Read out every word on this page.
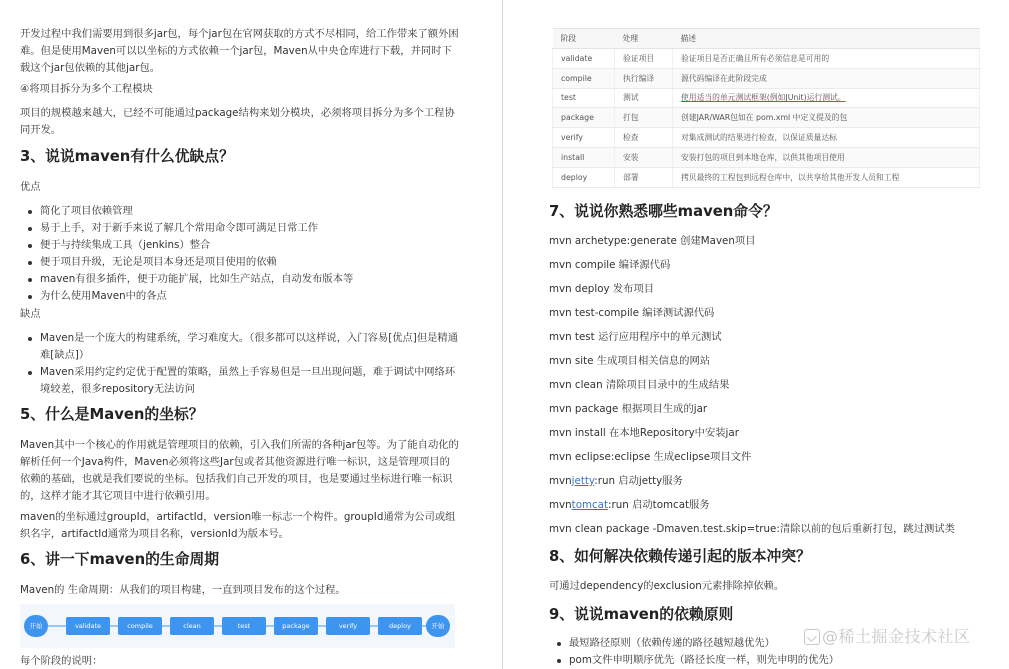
开发过程中我们需要用到很多jar包，每个jar包在官网获取的方式不尽相同，给工作带来了额外困难。但是使用Maven可以以坐标的方式依赖一个jar包，Maven从中央仓库进行下载，并同时下载这个jar包依赖的其他jar包。
④将项目拆分为多个工程模块
项目的规模越来越大，已经不可能通过package结构来划分模块，必须将项目拆分为多个工程协同开发。
3、说说maven有什么优缺点？
优点
简化了项目依赖管理
易于上手，对于新手来说了解几个常用命令即可满足日常工作
便于与持续集成工具（jenkins）整合
便于项目升级，无论是项目本身还是项目使用的依赖
maven有很多插件，便于功能扩展，比如生产站点，自动发布版本等
为什么使用Maven中的各点
缺点
Maven是一个庞大的构建系统，学习难度大。（很多都可以这样说，入门容易[优点]但是精通难[缺点]）
Maven采用约定约定优于配置的策略，虽然上手容易但是一旦出现问题，难于调试中网络环境较差，很多repository无法访问
5、什么是Maven的坐标？
Maven其中一个核心的作用就是管理项目的依赖，引入我们所需的各种jar包等。为了能自动化的解析任何一个Java构件，Maven必须将这些Jar包或者其他资源进行唯一标识，这是管理项目的依赖的基础，也就是我们要说的坐标。包括我们自己开发的项目，也是要通过坐标进行唯一标识的，这样才能才其它项目中进行依赖引用。
maven的坐标通过groupId，artifactId，version唯一标志一个构件。groupId通常为公司或组织名字，artifactId通常为项目名称，versionId为版本号。
6、讲一下maven的生命周期
Maven的 生命周期：从我们的项目构建，一直到项目发布的这个过程。
开始	validate	compile	clean	test	package	verify	deploy	开始
每个阶段的说明：
阶段	处理	描述
validate	验证项目	验证项目是否正确且所有必须信息是可用的
compile	执行编译	源代码编译在此阶段完成
test	测试	使用适当的单元测试框架(例如JUnit)运行测试。
package	打包	创建JAR/WAR包如在 pom.xml 中定义提及的包
verify	检查	对集成测试的结果进行检查，以保证质量达标
install	安装	安装打包的项目到本地仓库，以供其他项目使用
deploy	部署	拷贝最终的工程包到远程仓库中，以共享给其他开发人员和工程
7、说说你熟悉哪些maven命令？
mvn archetype:generate 创建Maven项目
mvn compile 编译源代码
mvn deploy 发布项目
mvn test-compile 编译测试源代码
mvn test 运行应用程序中的单元测试
mvn site 生成项目相关信息的网站
mvn clean 清除项目目录中的生成结果
mvn package 根据项目生成的jar
mvn install 在本地Repository中安装jar
mvn eclipse:eclipse 生成eclipse项目文件
mvnjetty:run 启动jetty服务
mvntomcat:run 启动tomcat服务
mvn clean package -Dmaven.test.skip=true:清除以前的包后重新打包，跳过测试类
8、如何解决依赖传递引起的版本冲突？
可通过dependency的exclusion元素排除掉依赖。
9、说说maven的依赖原则
最短路径原则（依赖传递的路径越短越优先）
pom文件申明顺序优先（路径长度一样，则先申明的优先）
@稀土掘金技术社区
